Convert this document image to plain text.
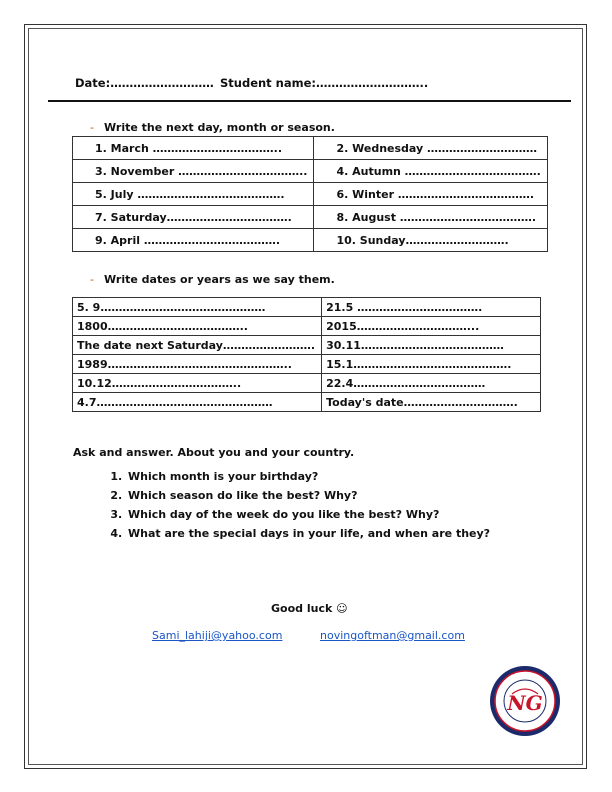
Date:……………………… Student name:………………………..
- Write the next day, month or season.
1. March ……………………………..	2. Wednesday …………………………
3. November ……………………………..	4. Autumn ……………………………….
5. July ………………………………….	6. Winter ……………………………….
7. Saturday…………………………….	8. August ……………………………….
9. April ……………………………….	10. Sunday……………………….
- Write dates or years as we say them.
5. 9………………………………………	21.5 …………………………….
1800………………………………..	2015…………………………...
The date next Saturday…………………….	30.11…………………………………
1989…………………………………………..	15.1…………………………………….
10.12……………………………..	22.4………………………………
4.7…………………………………………	Today's date………………………….
Ask and answer. About you and your country.
1. Which month is your birthday?
2. Which season do like the best? Why?
3. Which day of the week do you like the best? Why?
4. What are the special days in your life, and when are they?
Good luck ☺
Sami_lahiji@yahoo.com	novingoftman@gmail.com
NG
OFTMAN · ENGLISH LANGUAGE
